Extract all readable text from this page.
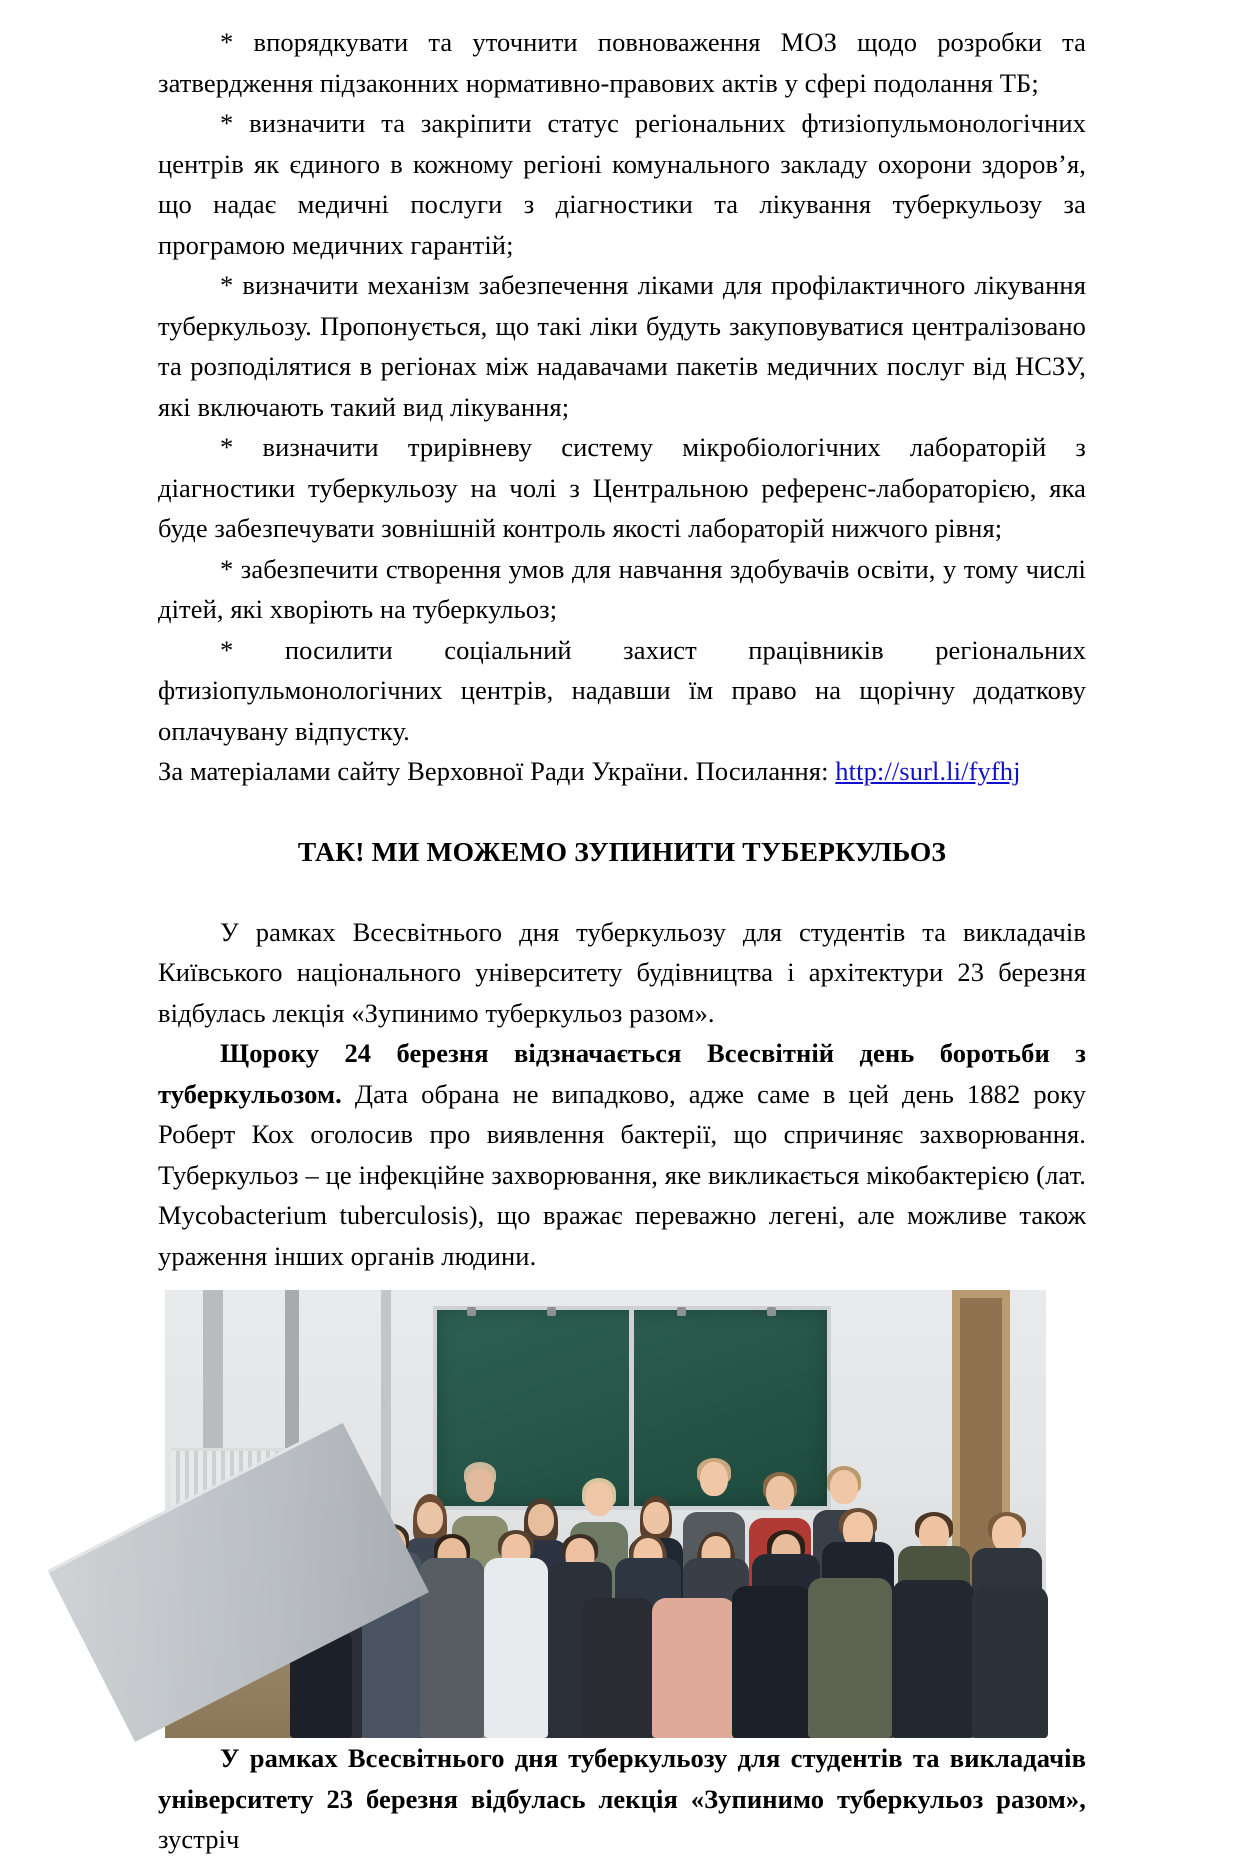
* впорядкувати та уточнити повноваження МОЗ щодо розробки та затвердження підзаконних нормативно-правових актів у сфері подолання ТБ;

* визначити та закріпити статус регіональних фтизіопульмонологічних центрів як єдиного в кожному регіоні комунального закладу охорони здоров’я, що надає медичні послуги з діагностики та лікування туберкульозу за програмою медичних гарантій;

* визначити механізм забезпечення ліками для профілактичного лікування туберкульозу. Пропонується, що такі ліки будуть закуповуватися централізовано та розподілятися в регіонах між надавачами пакетів медичних послуг від НСЗУ, які включають такий вид лікування;

* визначити трирівневу систему мікробіологічних лабораторій з діагностики туберкульозу на чолі з Центральною референс-лабораторією, яка буде забезпечувати зовнішній контроль якості лабораторій нижчого рівня;

* забезпечити створення умов для навчання здобувачів освіти, у тому числі дітей, які хворіють на туберкульоз;

* посилити соціальний захист працівників регіональних фтизіопульмонологічних центрів, надавши їм право на щорічну додаткову оплачувану відпустку.

За матеріалами сайту Верховної Ради України. Посилання: http://surl.li/fyfhj

ТАК! МИ МОЖЕМО ЗУПИНИТИ ТУБЕРКУЛЬОЗ

У рамках Всесвітнього дня туберкульозу для студентів та викладачів Київського національного університету будівництва і архітектури 23 березня відбулась лекція «Зупинимо туберкульоз разом».

Щороку 24 березня відзначається Всесвітній день боротьби з туберкульозом. Дата обрана не випадково, адже саме в цей день 1882 року Роберт Кох оголосив про виявлення бактерії, що спричиняє захворювання. Туберкульоз – це інфекційне захворювання, яке викликається мікобактерією (лат. Mycobacterium tuberculosis), що вражає переважно легені, але можливе також ураження інших органів людини.

У рамках Всесвітнього дня туберкульозу для студентів та викладачів університету 23 березня відбулась лекція «Зупинимо туберкульоз разом», зустріч
